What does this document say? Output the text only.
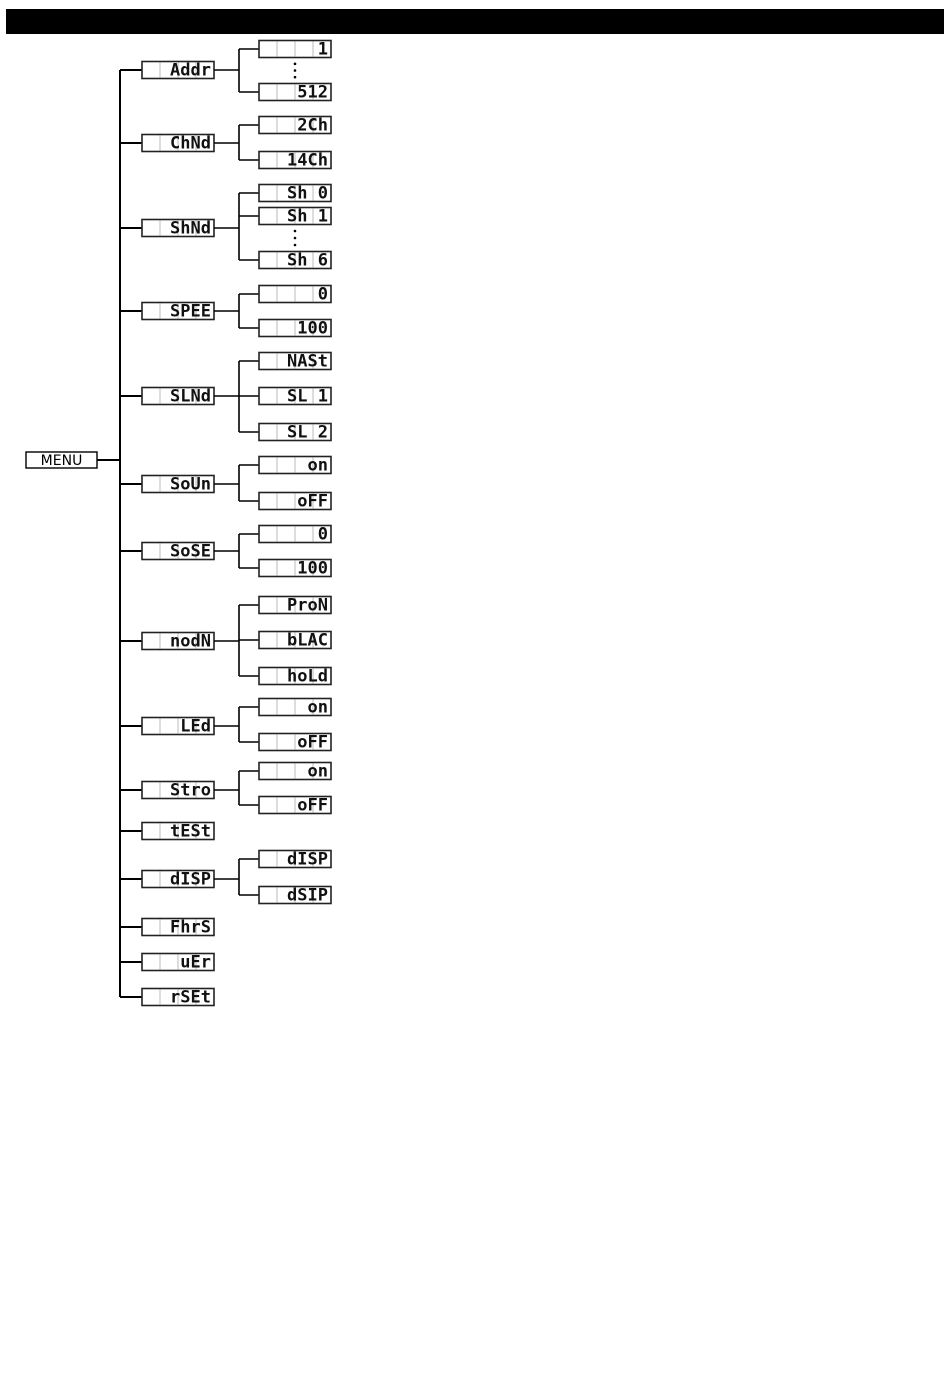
MENU
Addr
1
512
ChNd
2Ch
14Ch
ShNd
Sh 0
Sh 1
Sh 6
SPEE
0
100
SLNd
NASt
SL 1
SL 2
SoUn
on
oFF
SoSE
0
100
nodN
ProN
bLAC
hoLd
LEd
on
oFF
Stro
on
oFF
tESt
dISP
dISP
dSIP
FhrS
uEr
rSEt
